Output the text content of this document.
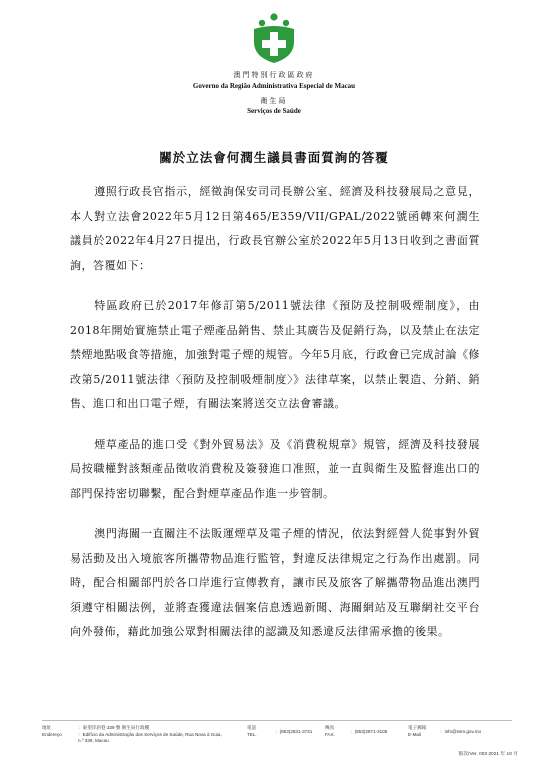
澳門特別行政區政府
Governo da Região Administrativa Especial de Macau
衛生局
Serviços de Saúde
關於立法會何潤生議員書面質詢的答覆

遵照行政長官指示，經徵詢保安司司長辦公室、經濟及科技發展局之意見，本人對立法會2022年5月12日第465/E359/VII/GPAL/2022號函轉來何潤生議員於2022年4月27日提出，行政長官辦公室於2022年5月13日收到之書面質詢，答覆如下：

特區政府已於2017年修訂第5/2011號法律《預防及控制吸煙制度》，由2018年開始實施禁止電子煙產品銷售、禁止其廣告及促銷行為，以及禁止在法定禁煙地點吸食等措施，加強對電子煙的規管。今年5月底，行政會已完成討論《修改第5/2011號法律〈預防及控制吸煙制度〉》法律草案，以禁止製造、分銷、銷售、進口和出口電子煙，有關法案將送交立法會審議。

煙草產品的進口受《對外貿易法》及《消費稅規章》規管，經濟及科技發展局按職權對該類產品徵收消費稅及簽發進口准照，並一直與衛生及監督進出口的部門保持密切聯繫，配合對煙草產品作進一步管制。

澳門海關一直關注不法販運煙草及電子煙的情況，依法對經營人從事對外貿易活動及出入境旅客所攜帶物品進行監管，對違反法律規定之行為作出處罰。同時，配合相關部門於各口岸進行宣傳教育，讓市民及旅客了解攜帶物品進出澳門須遵守相關法例，並將查獲違法個案信息透過新聞、海關網站及互聯網社交平台向外發佈，藉此加強公眾對相關法律的認識及知悉違反法律需承擔的後果。

地址
Endereço
：東望洋斜巷 339 號 衛生局行政樓
：Edifício da Administração dos Serviços de Saúde, Rua Nova à Guia, n.º 339, Macau
電話
TEL.	：(853)2831-3731
傳真
FAX.	：(853)2871-3105
電子郵箱
E-Mail	：info@ssm.gov.mo
版次/Ver. 003 2021 年 10 月
